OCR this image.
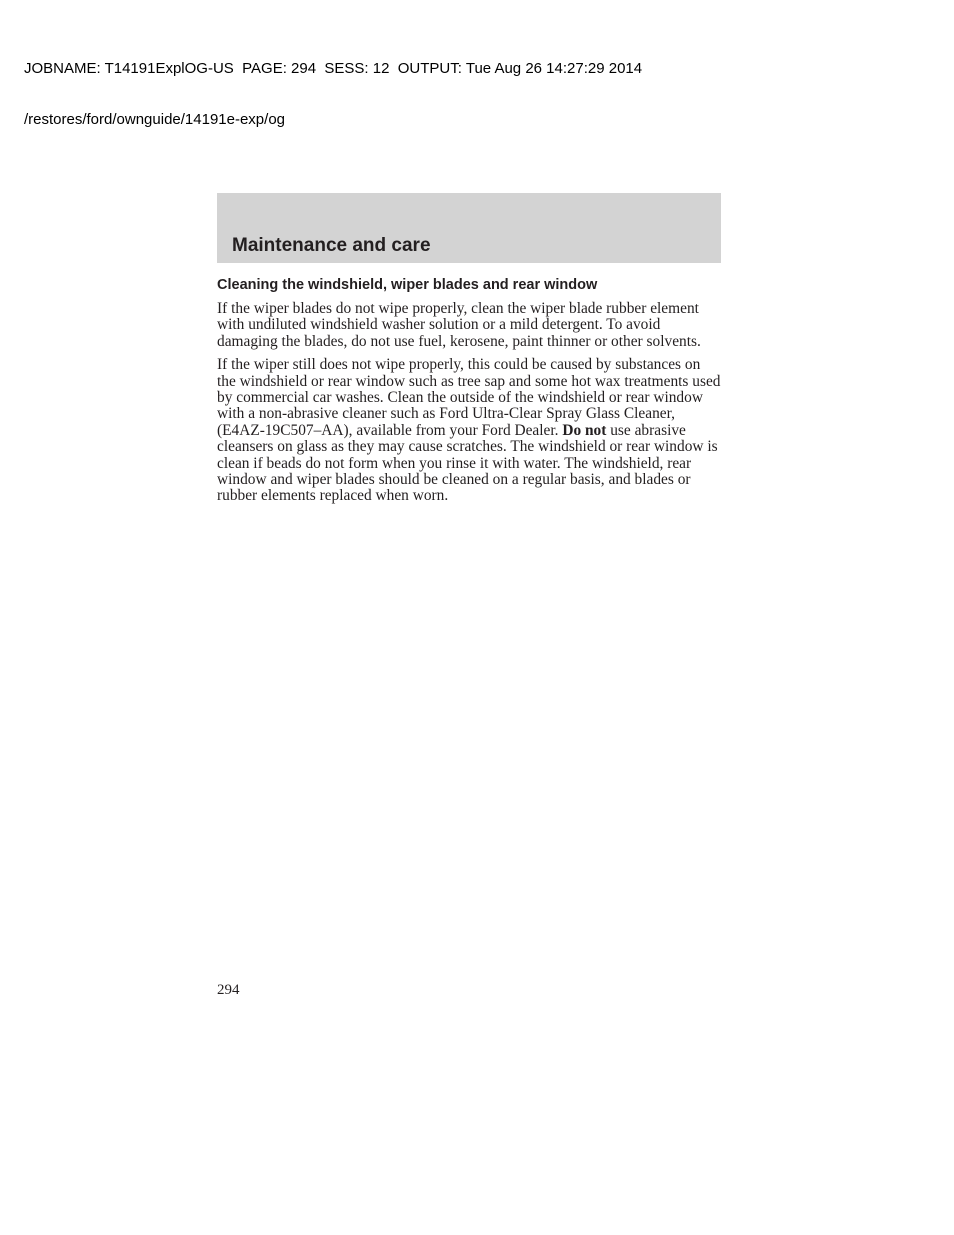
JOBNAME: T14191ExplOG-US  PAGE: 294  SESS: 12  OUTPUT: Tue Aug 26 14:27:29 2014

/restores/ford/ownguide/14191e-exp/og

Maintenance and care
Cleaning the windshield, wiper blades and rear window

If the wiper blades do not wipe properly, clean the wiper blade rubber element with undiluted windshield washer solution or a mild detergent. To avoid damaging the blades, do not use fuel, kerosene, paint thinner or other solvents.

If the wiper still does not wipe properly, this could be caused by substances on the windshield or rear window such as tree sap and some hot wax treatments used by commercial car washes. Clean the outside of the windshield or rear window with a non-abrasive cleaner such as Ford Ultra-Clear Spray Glass Cleaner, (E4AZ-19C507–AA), available from your Ford Dealer. Do not use abrasive cleansers on glass as they may cause scratches. The windshield or rear window is clean if beads do not form when you rinse it with water. The windshield, rear window and wiper blades should be cleaned on a regular basis, and blades or rubber elements replaced when worn.

294
